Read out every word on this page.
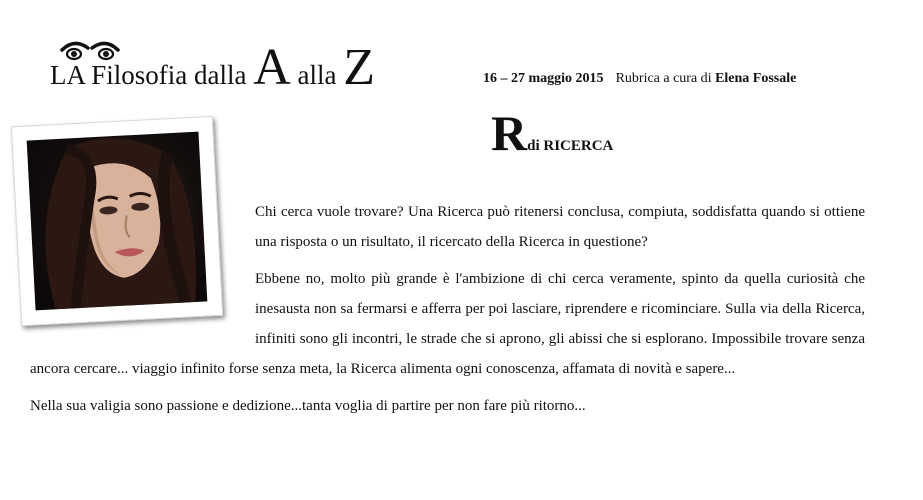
LA Filosofia dalla A alla Z	16 – 27 maggio 2015 Rubrica a cura di Elena Fossale
Rdi RICERCA

Chi cerca vuole trovare? Una Ricerca può ritenersi conclusa, compiuta, soddisfatta quando si ottiene una risposta o un risultato, il ricercato della Ricerca in questione?

Ebbene no, molto più grande è l'ambizione di chi cerca veramente, spinto da quella curiosità che inesausta non sa fermarsi e afferra per poi lasciare, riprendere e ricominciare. Sulla via della Ricerca, infiniti sono gli incontri, le strade che si aprono, gli abissi che si esplorano. Impossibile trovare senza ancora cercare... viaggio infinito forse senza meta, la Ricerca alimenta ogni conoscenza, affamata di novità e sapere...

Nella sua valigia sono passione e dedizione...tanta voglia di partire per non fare più ritorno...
